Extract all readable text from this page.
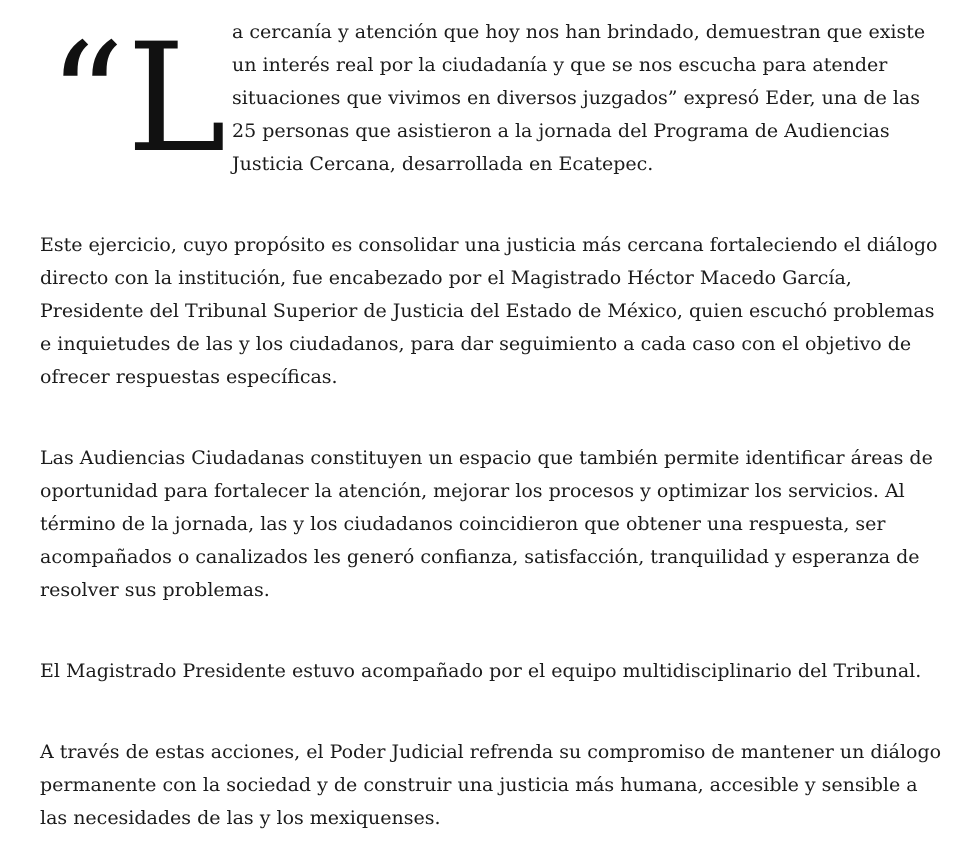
“L a cercanía y atención que hoy nos han brindado, demuestran que existe un interés real por la ciudadanía y que se nos escucha para atender situaciones que vivimos en diversos juzgados” expresó Eder, una de las 25 personas que asistieron a la jornada del Programa de Audiencias Justicia Cercana, desarrollada en Ecatepec.

Este ejercicio, cuyo propósito es consolidar una justicia más cercana fortaleciendo el diálogo directo con la institución, fue encabezado por el Magistrado Héctor Macedo García, Presidente del Tribunal Superior de Justicia del Estado de México, quien escuchó problemas e inquietudes de las y los ciudadanos, para dar seguimiento a cada caso con el objetivo de ofrecer respuestas específicas.

Las Audiencias Ciudadanas constituyen un espacio que también permite identificar áreas de oportunidad para fortalecer la atención, mejorar los procesos y optimizar los servicios. Al término de la jornada, las y los ciudadanos coincidieron que obtener una respuesta, ser acompañados o canalizados les generó confianza, satisfacción, tranquilidad y esperanza de resolver sus problemas.

El Magistrado Presidente estuvo acompañado por el equipo multidisciplinario del Tribunal.

A través de estas acciones, el Poder Judicial refrenda su compromiso de mantener un diálogo permanente con la sociedad y de construir una justicia más humana, accesible y sensible a las necesidades de las y los mexiquenses.
